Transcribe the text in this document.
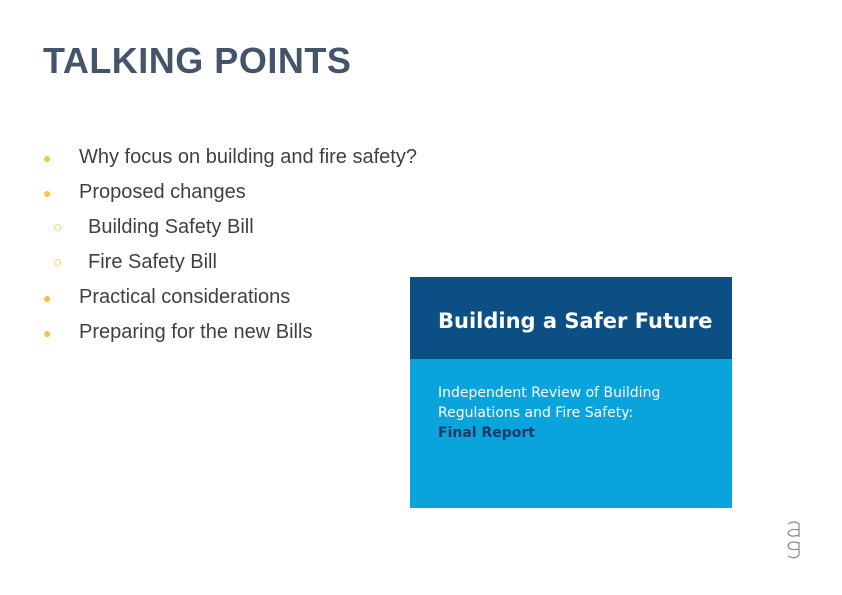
TALKING POINTS
● Why focus on building and fire safety?
● Proposed changes
○ Building Safety Bill
○ Fire Safety Bill
● Practical considerations
● Preparing for the new Bills	Building a Safer Future
Independent Review of Building
Regulations and Fire Safety:
Final Report
